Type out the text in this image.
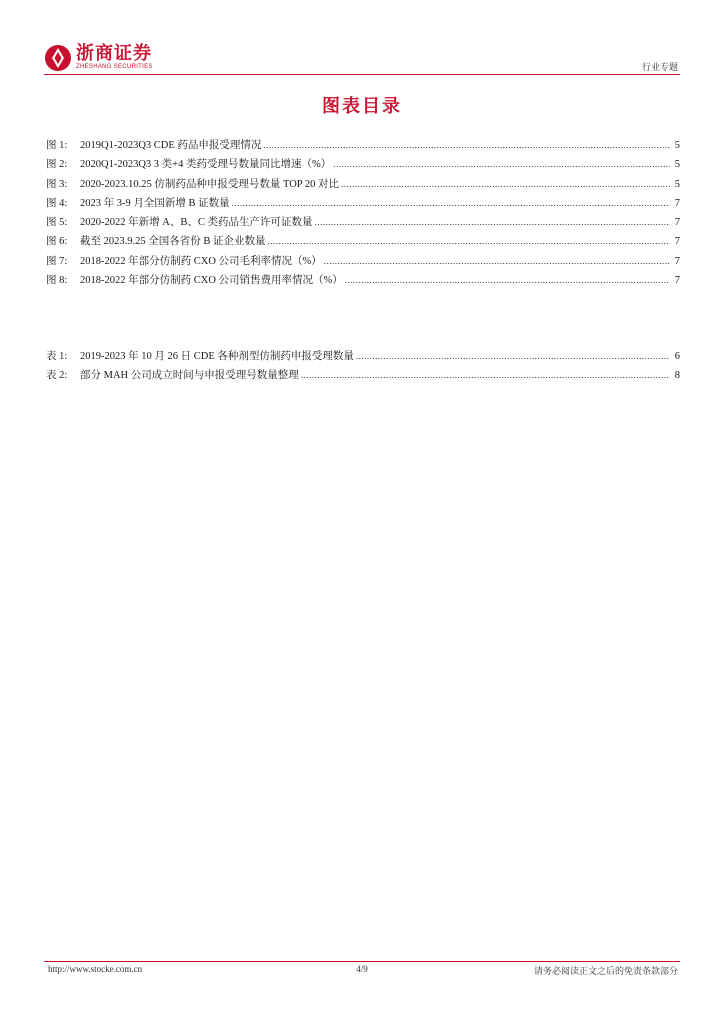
浙商证券
ZHESHANG SECURITIES	行业专题
图表目录
图 1:	2019Q1-2023Q3 CDE 药品申报受理情况 .....	5
图 2:	2020Q1-2023Q3 3 类+4 类药受理号数量同比增速（%） .....	5
图 3:	2020-2023.10.25 仿制药品种申报受理号数量 TOP 20 对比 .....	5
图 4:	2023 年 3-9 月全国新增 B 证数量 .....	7
图 5:	2020-2022 年新增 A、B、C 类药品生产许可证数量 .....	7
图 6:	截至 2023.9.25 全国各省份 B 证企业数量 .....	7
图 7:	2018-2022 年部分仿制药 CXO 公司毛利率情况（%） .....	7
图 8:	2018-2022 年部分仿制药 CXO 公司销售费用率情况（%） .....	7
表 1:	2019-2023 年 10 月 26 日 CDE 各种剂型仿制药申报受理数量 .....	6
表 2:	部分 MAH 公司成立时间与申报受理号数量整理 .....	8
http://www.stocke.com.cn	4/9	请务必阅读正文之后的免责条款部分
